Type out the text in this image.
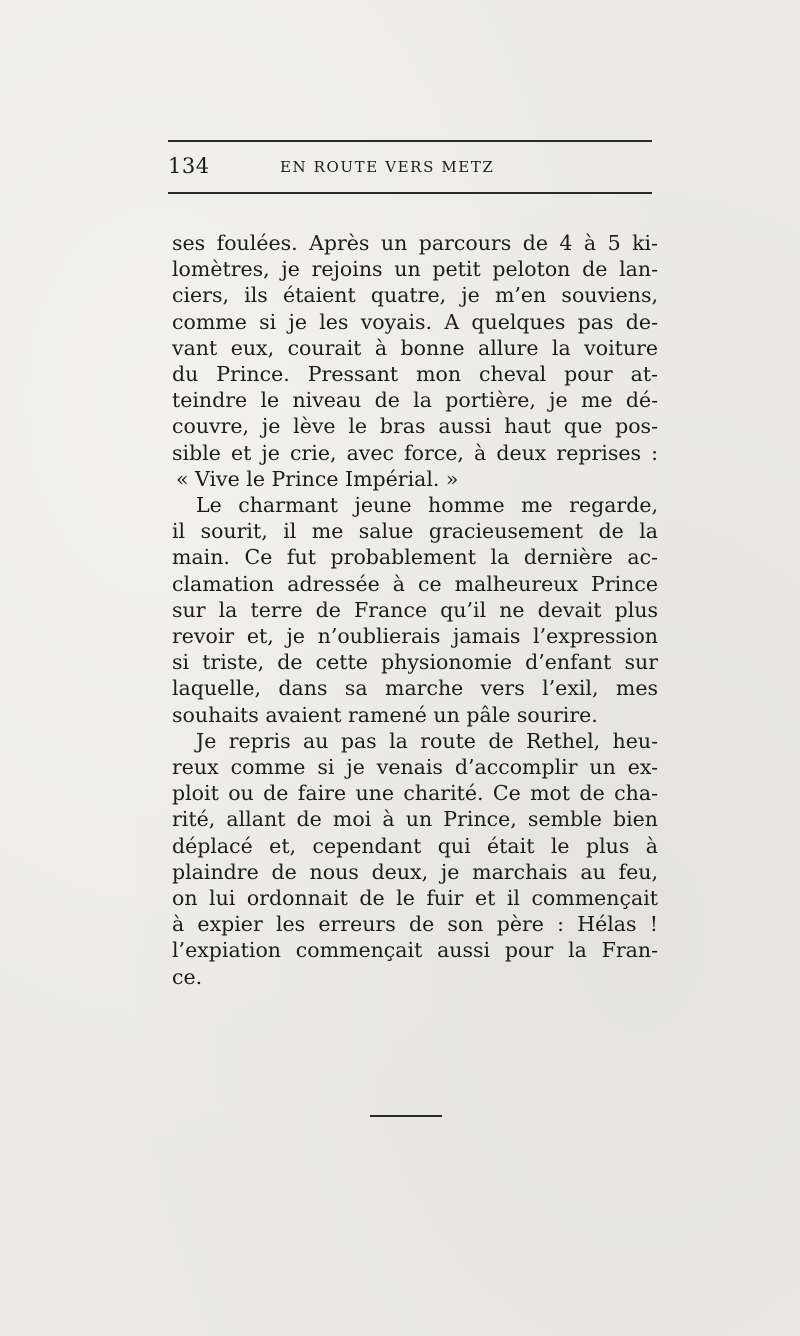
134	EN ROUTE VERS METZ
ses foulées. Après un parcours de 4 à 5 ki-
lomètres, je rejoins un petit peloton de lan-
ciers, ils étaient quatre, je m’en souviens,
comme si je les voyais. A quelques pas de-
vant eux, courait à bonne allure la voiture
du Prince. Pressant mon cheval pour at-
teindre le niveau de la portière, je me dé-
couvre, je lève le bras aussi haut que pos-
sible et je crie, avec force, à deux reprises :
« Vive le Prince Impérial. »
Le charmant jeune homme me regarde,
il sourit, il me salue gracieusement de la
main. Ce fut probablement la dernière ac-
clamation adressée à ce malheureux Prince
sur la terre de France qu’il ne devait plus
revoir et, je n’oublierais jamais l’expression
si triste, de cette physionomie d’enfant sur
laquelle, dans sa marche vers l’exil, mes
souhaits avaient ramené un pâle sourire.
Je repris au pas la route de Rethel, heu-
reux comme si je venais d’accomplir un ex-
ploit ou de faire une charité. Ce mot de cha-
rité, allant de moi à un Prince, semble bien
déplacé et, cependant qui était le plus à
plaindre de nous deux, je marchais au feu,
on lui ordonnait de le fuir et il commençait
à expier les erreurs de son père : Hélas !
l’expiation commençait aussi pour la Fran-
ce.
